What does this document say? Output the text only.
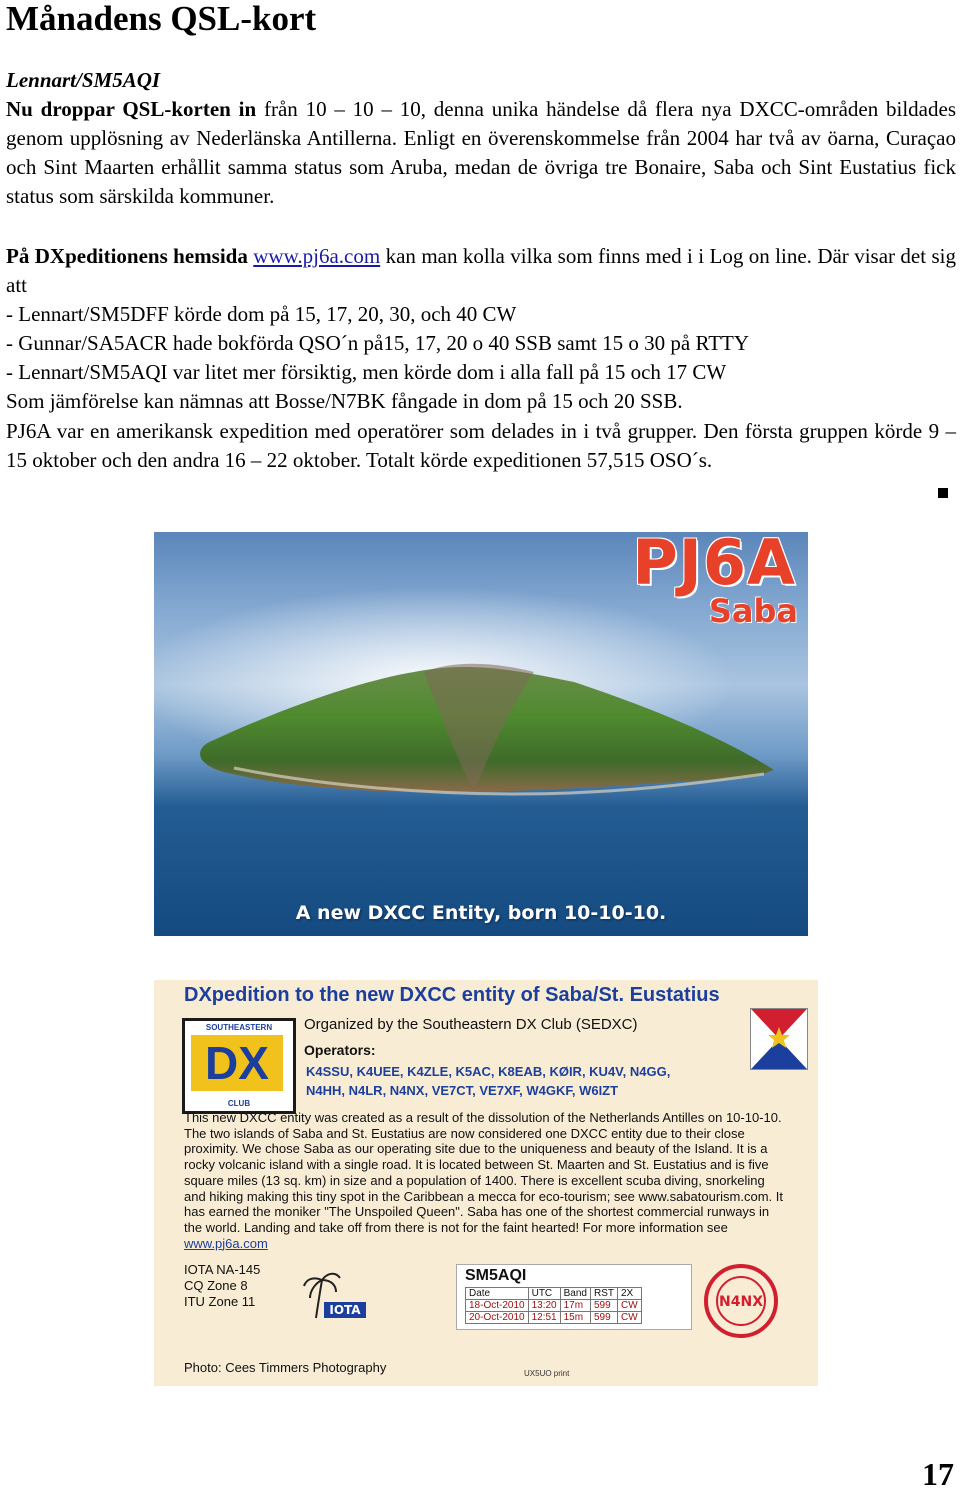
Månadens QSL-kort
Lennart/SM5AQI
Nu droppar QSL-korten in från 10 – 10 – 10, denna unika händelse då flera nya DXCC-områden bildades genom upplösning av Nederlänska Antillerna. Enligt en överenskommelse från 2004 har två av öarna, Curaçao och Sint Maarten erhållit samma status som Aruba, medan de övriga tre Bonaire, Saba och Sint Eustatius fick status som särskilda kommuner.
På DXpeditionens hemsida www.pj6a.com kan man kolla vilka som finns med i i Log on line. Där visar det sig att
- Lennart/SM5DFF körde dom på 15, 17, 20, 30, och 40 CW
- Gunnar/SA5ACR hade bokförda QSO´n på15, 17, 20 o 40 SSB samt 15 o 30 på RTTY
- Lennart/SM5AQI var litet mer försiktig, men körde dom i alla fall på 15 och 17 CW
Som jämförelse kan nämnas att Bosse/N7BK fångade in dom på 15 och 20 SSB.
PJ6A var en amerikansk expedition med operatörer som delades in i två grupper. Den första gruppen körde 9 – 15 oktober och den andra 16 – 22 oktober. Totalt körde expeditionen 57,515 OSO´s.
PJ6A
Saba
A new DXCC Entity, born 10-10-10.
DXpedition to the new DXCC entity of Saba/St. Eustatius
SOUTHEASTERN
DX
CLUB
Organized by the Southeastern DX Club (SEDXC)
Operators:
K4SSU, K4UEE, K4ZLE, K5AC, K8EAB, KØIR, KU4V, N4GG,
N4HH, N4LR, N4NX, VE7CT, VE7XF, W4GKF, W6IZT
This new DXCC entity was created as a result of the dissolution of the Netherlands Antilles on 10-10-10. The two islands of Saba and St. Eustatius are now considered one DXCC entity due to their close proximity. We chose Saba as our operating site due to the uniqueness and beauty of the Island. It is a rocky volcanic island with a single road. It is located between St. Maarten and St. Eustatius and is five square miles (13 sq. km) in size and a population of 1400. There is excellent scuba diving, snorkeling and hiking making this tiny spot in the Caribbean a mecca for eco-tourism; see www.sabatourism.com. It has earned the moniker "The Unspoiled Queen". Saba has one of the shortest commercial runways in the world. Landing and take off from there is not for the faint hearted! For more information see www.pj6a.com
IOTA NA-145
CQ Zone 8
ITU Zone 11
IOTA
SM5AQI
Date	UTC	Band	RST	2X
18-Oct-2010	13:20	17m	599	CW
20-Oct-2010	12:51	15m	599	CW
N4NX
Photo: Cees Timmers Photography	UX5UO print
17
